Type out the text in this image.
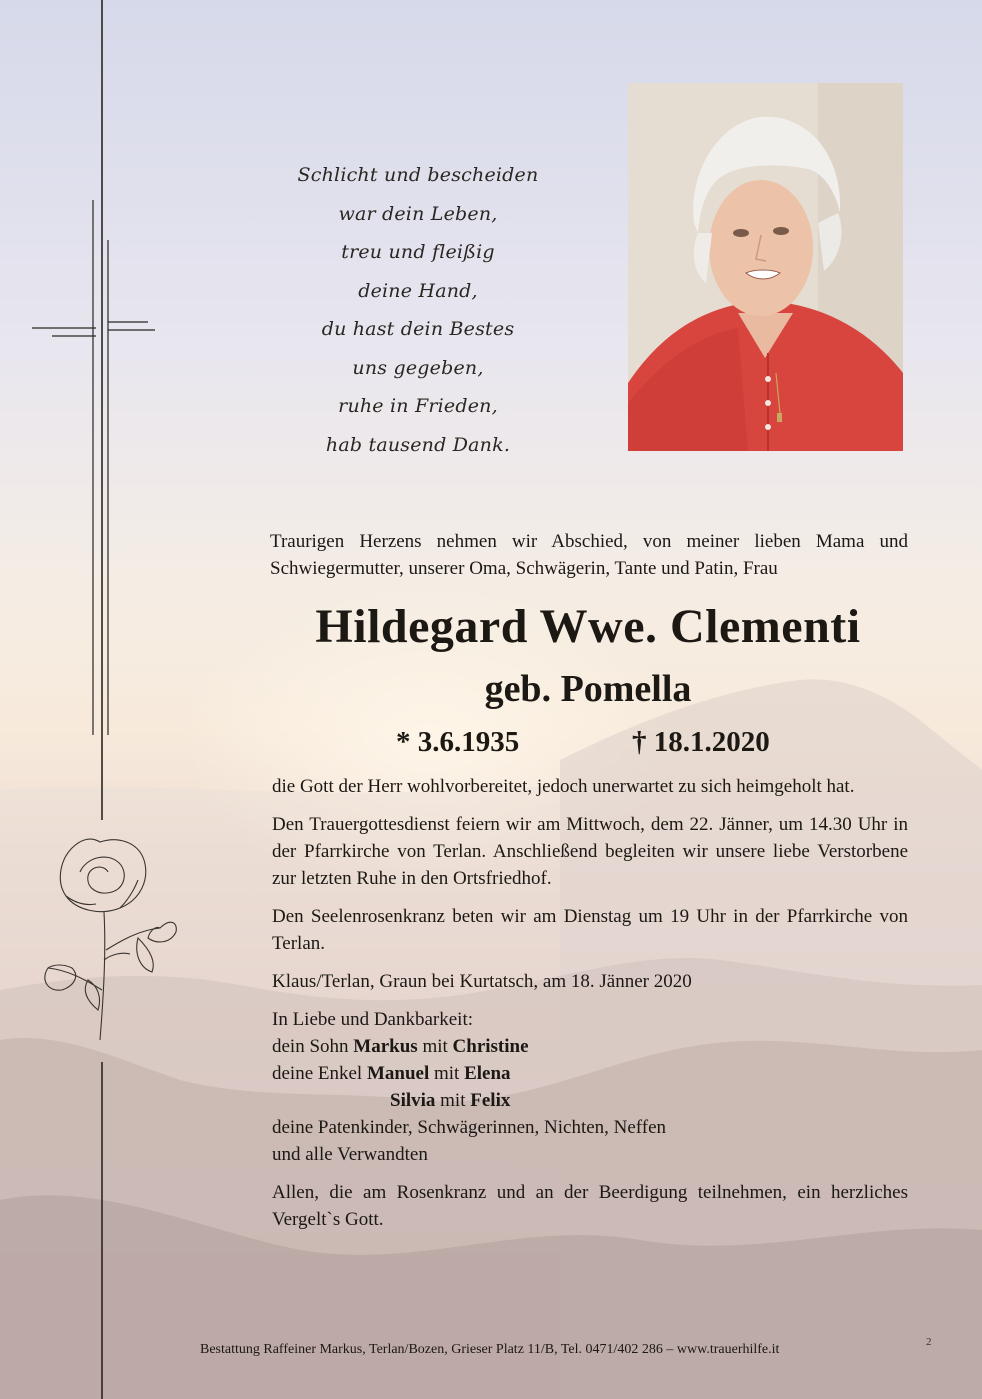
Schlicht und bescheiden
war dein Leben,
treu und fleißig
deine Hand,
du hast dein Bestes
uns gegeben,
ruhe in Frieden,
hab tausend Dank.
Traurigen Herzens nehmen wir Abschied, von meiner lieben Mama und Schwiegermutter, unserer Oma, Schwägerin, Tante und Patin, Frau
Hildegard Wwe. Clementi
geb. Pomella
* 3.6.1935	† 18.1.2020

die Gott der Herr wohlvorbereitet, jedoch unerwartet zu sich heimgeholt hat.

Den Trauergottesdienst feiern wir am Mittwoch, dem 22. Jänner, um 14.30 Uhr in der Pfarrkirche von Terlan. Anschließend begleiten wir unsere liebe Verstorbene zur letzten Ruhe in den Ortsfriedhof.

Den Seelenrosenkranz beten wir am Dienstag um 19 Uhr in der Pfarrkirche von Terlan.

Klaus/Terlan, Graun bei Kurtatsch, am 18. Jänner 2020

In Liebe und Dankbarkeit:

dein Sohn Markus mit Christine

deine Enkel Manuel mit Elena

Silvia mit Felix

deine Patenkinder, Schwägerinnen, Nichten, Neffen

und alle Verwandten

Allen, die am Rosenkranz und an der Beerdigung teilnehmen, ein herzliches Vergelt`s Gott.

Bestattung Raffeiner Markus, Terlan/Bozen, Grieser Platz 11/B, Tel. 0471/402 286 – www.trauerhilfe.it	2
